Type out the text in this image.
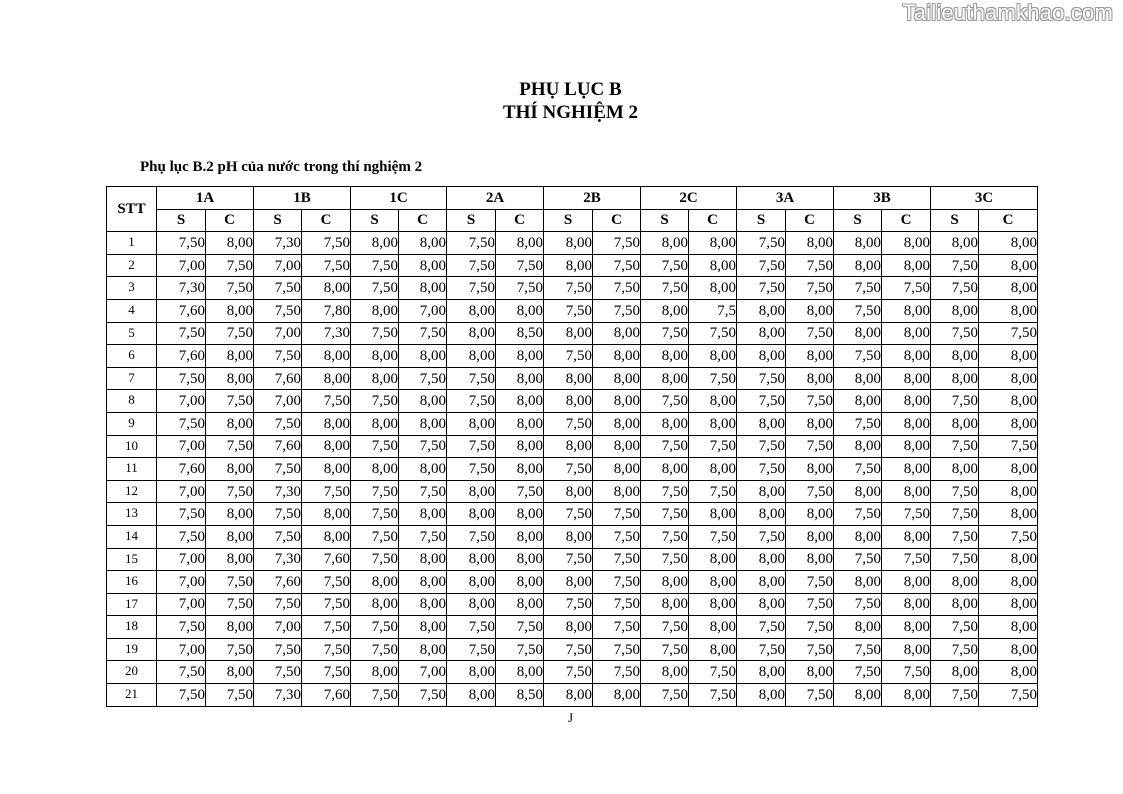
Tailieuthamkhao.com
PHỤ LỤC B
THÍ NGHIỆM 2
Phụ lục B.2 pH của nước trong thí nghiệm 2
STT	1A		1B		1C		2A		2B		2C		3A		3B		3C	
	S	C	S	C	S	C	S	C	S	C	S	C	S	C	S	C	S	C
1	7,50	8,00	7,30	7,50	8,00	8,00	7,50	8,00	8,00	7,50	8,00	8,00	7,50	8,00	8,00	8,00	8,00	8,00
2	7,00	7,50	7,00	7,50	7,50	8,00	7,50	7,50	8,00	7,50	7,50	8,00	7,50	7,50	8,00	8,00	7,50	8,00
3	7,30	7,50	7,50	8,00	7,50	8,00	7,50	7,50	7,50	7,50	7,50	8,00	7,50	7,50	7,50	7,50	7,50	8,00
4	7,60	8,00	7,50	7,80	8,00	7,00	8,00	8,00	7,50	7,50	8,00	7,5	8,00	8,00	7,50	8,00	8,00	8,00
5	7,50	7,50	7,00	7,30	7,50	7,50	8,00	8,50	8,00	8,00	7,50	7,50	8,00	7,50	8,00	8,00	7,50	7,50
6	7,60	8,00	7,50	8,00	8,00	8,00	8,00	8,00	7,50	8,00	8,00	8,00	8,00	8,00	7,50	8,00	8,00	8,00
7	7,50	8,00	7,60	8,00	8,00	7,50	7,50	8,00	8,00	8,00	8,00	7,50	7,50	8,00	8,00	8,00	8,00	8,00
8	7,00	7,50	7,00	7,50	7,50	8,00	7,50	8,00	8,00	8,00	7,50	8,00	7,50	7,50	8,00	8,00	7,50	8,00
9	7,50	8,00	7,50	8,00	8,00	8,00	8,00	8,00	7,50	8,00	8,00	8,00	8,00	8,00	7,50	8,00	8,00	8,00
10	7,00	7,50	7,60	8,00	7,50	7,50	7,50	8,00	8,00	8,00	7,50	7,50	7,50	7,50	8,00	8,00	7,50	7,50
11	7,60	8,00	7,50	8,00	8,00	8,00	7,50	8,00	7,50	8,00	8,00	8,00	7,50	8,00	7,50	8,00	8,00	8,00
12	7,00	7,50	7,30	7,50	7,50	7,50	8,00	7,50	8,00	8,00	7,50	7,50	8,00	7,50	8,00	8,00	7,50	8,00
13	7,50	8,00	7,50	8,00	7,50	8,00	8,00	8,00	7,50	7,50	7,50	8,00	8,00	8,00	7,50	7,50	7,50	8,00
14	7,50	8,00	7,50	8,00	7,50	7,50	7,50	8,00	8,00	7,50	7,50	7,50	7,50	8,00	8,00	8,00	7,50	7,50
15	7,00	8,00	7,30	7,60	7,50	8,00	8,00	8,00	7,50	7,50	7,50	8,00	8,00	8,00	7,50	7,50	7,50	8,00
16	7,00	7,50	7,60	7,50	8,00	8,00	8,00	8,00	8,00	7,50	8,00	8,00	8,00	7,50	8,00	8,00	8,00	8,00
17	7,00	7,50	7,50	7,50	8,00	8,00	8,00	8,00	7,50	7,50	8,00	8,00	8,00	7,50	7,50	8,00	8,00	8,00
18	7,50	8,00	7,00	7,50	7,50	8,00	7,50	7,50	8,00	7,50	7,50	8,00	7,50	7,50	8,00	8,00	7,50	8,00
19	7,00	7,50	7,50	7,50	7,50	8,00	7,50	7,50	7,50	7,50	7,50	8,00	7,50	7,50	7,50	8,00	7,50	8,00
20	7,50	8,00	7,50	7,50	8,00	7,00	8,00	8,00	7,50	7,50	8,00	7,50	8,00	8,00	7,50	7,50	8,00	8,00
21	7,50	7,50	7,30	7,60	7,50	7,50	8,00	8,50	8,00	8,00	7,50	7,50	8,00	7,50	8,00	8,00	7,50	7,50
J
